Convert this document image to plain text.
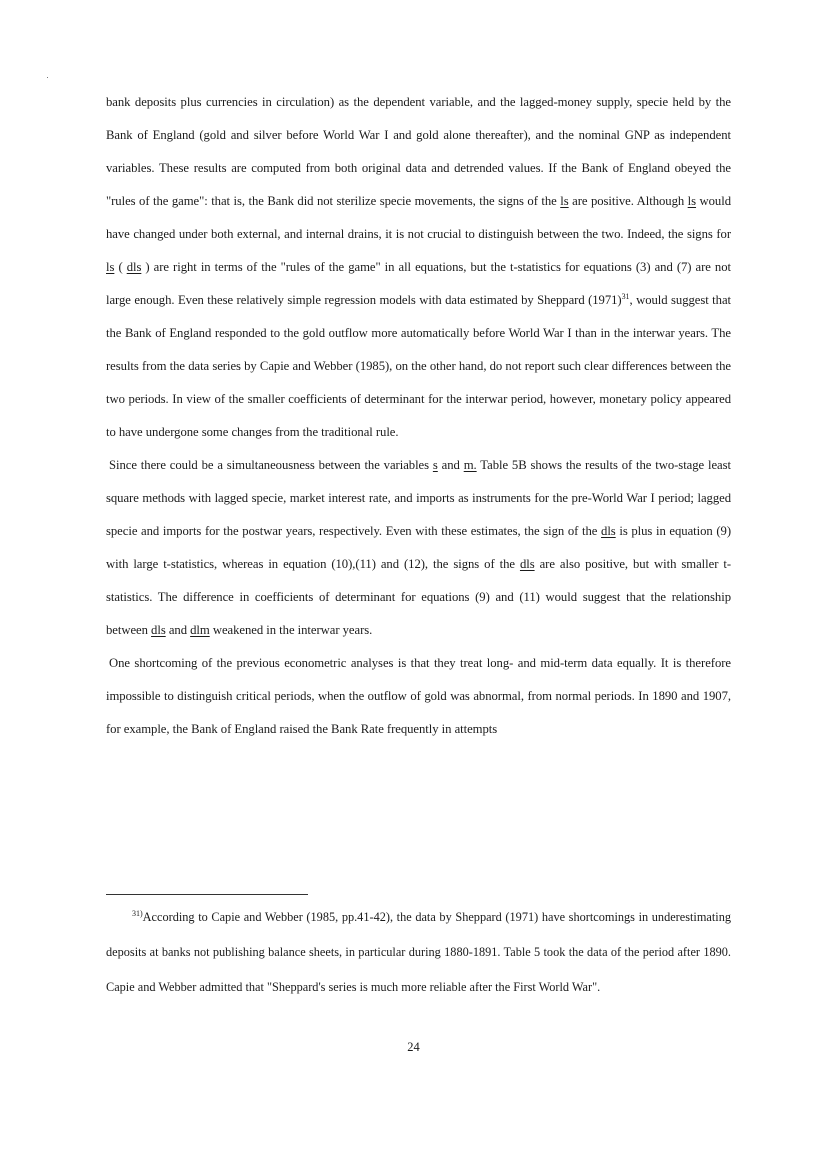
bank deposits plus currencies in circulation) as the dependent variable, and the lagged-money supply, specie held by the Bank of England (gold and silver before World War I and gold alone thereafter), and the nominal GNP as independent variables. These results are computed from both original data and detrended values. If the Bank of England obeyed the "rules of the game": that is, the Bank did not sterilize specie movements, the signs of the ls are positive. Although ls would have changed under both external, and internal drains, it is not crucial to distinguish between the two. Indeed, the signs for ls ( dls ) are right in terms of the "rules of the game" in all equations, but the t-statistics for equations (3) and (7) are not large enough. Even these relatively simple regression models with data estimated by Sheppard $(1971)^{31}$, would suggest that the Bank of England responded to the gold outflow more automatically before World War I than in the interwar years. The results from the data series by Capie and Webber (1985), on the other hand, do not report such clear differences between the two periods. In view of the smaller coefficients of determinant for the interwar period, however, monetary policy appeared to have undergone some changes from the traditional rule.

Since there could be a simultaneousness between the variables s and m. Table 5B shows the results of the two-stage least square methods with lagged specie, market interest rate, and imports as instruments for the pre-World War I period; lagged specie and imports for the postwar years, respectively. Even with these estimates, the sign of the dls is plus in equation (9) with large t-statistics, whereas in equation (10),(11) and (12), the signs of the dls are also positive, but with smaller t-statistics. The difference in coefficients of determinant for equations (9) and (11) would suggest that the relationship between dls and dlm weakened in the interwar years.

One shortcoming of the previous econometric analyses is that they treat long- and mid-term data equally. It is therefore impossible to distinguish critical periods, when the outflow of gold was abnormal, from normal periods. In 1890 and 1907, for example, the Bank of England raised the Bank Rate frequently in attempts

$^{31)}$According to Capie and Webber (1985, pp.41-42), the data by Sheppard (1971) have shortcomings in underestimating deposits at banks not publishing balance sheets, in particular during 1880-1891. Table 5 took the data of the period after 1890. Capie and Webber admitted that "Sheppard's series is much more reliable after the First World War".

24
